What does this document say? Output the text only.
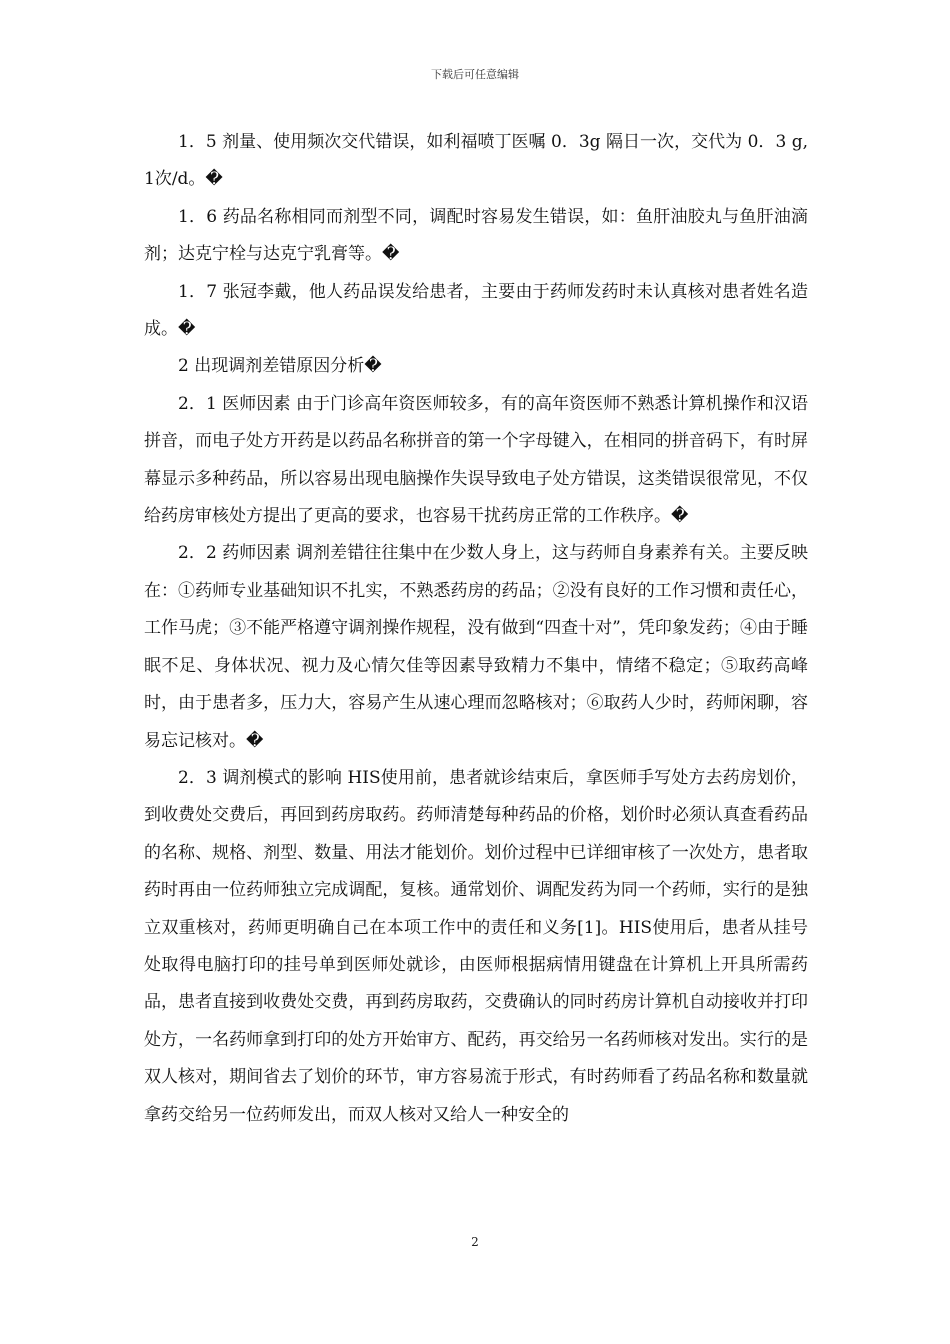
下载后可任意编辑

1．5 剂量、使用频次交代错误，如利福喷丁医嘱 0．3g 隔日一次，交代为 0．3 g,1次/d。�

1．6 药品名称相同而剂型不同，调配时容易发生错误，如：鱼肝油胶丸与鱼肝油滴剂；达克宁栓与达克宁乳膏等。�

1．7 张冠李戴，他人药品误发给患者，主要由于药师发药时未认真核对患者姓名造成。�

2 出现调剂差错原因分析�

2．1 医师因素 由于门诊高年资医师较多，有的高年资医师不熟悉计算机操作和汉语拼音，而电子处方开药是以药品名称拼音的第一个字母键入，在相同的拼音码下，有时屏幕显示多种药品，所以容易出现电脑操作失误导致电子处方错误，这类错误很常见，不仅给药房审核处方提出了更高的要求，也容易干扰药房正常的工作秩序。�

2．2 药师因素 调剂差错往往集中在少数人身上，这与药师自身素养有关。主要反映在：①药师专业基础知识不扎实，不熟悉药房的药品；②没有良好的工作习惯和责任心，工作马虎；③不能严格遵守调剂操作规程，没有做到“四查十对”，凭印象发药；④由于睡眠不足、身体状况、视力及心情欠佳等因素导致精力不集中，情绪不稳定；⑤取药高峰时，由于患者多，压力大，容易产生从速心理而忽略核对；⑥取药人少时，药师闲聊，容易忘记核对。�

2．3 调剂模式的影响 HIS使用前，患者就诊结束后，拿医师手写处方去药房划价，到收费处交费后，再回到药房取药。药师清楚每种药品的价格，划价时必须认真查看药品的名称、规格、剂型、数量、用法才能划价。划价过程中已详细审核了一次处方，患者取药时再由一位药师独立完成调配，复核。通常划价、调配发药为同一个药师，实行的是独立双重核对，药师更明确自己在本项工作中的责任和义务[1]。HIS使用后，患者从挂号处取得电脑打印的挂号单到医师处就诊，由医师根据病情用键盘在计算机上开具所需药品，患者直接到收费处交费，再到药房取药，交费确认的同时药房计算机自动接收并打印处方，一名药师拿到打印的处方开始审方、配药，再交给另一名药师核对发出。实行的是双人核对，期间省去了划价的环节，审方容易流于形式，有时药师看了药品名称和数量就拿药交给另一位药师发出，而双人核对又给人一种安全的

2
